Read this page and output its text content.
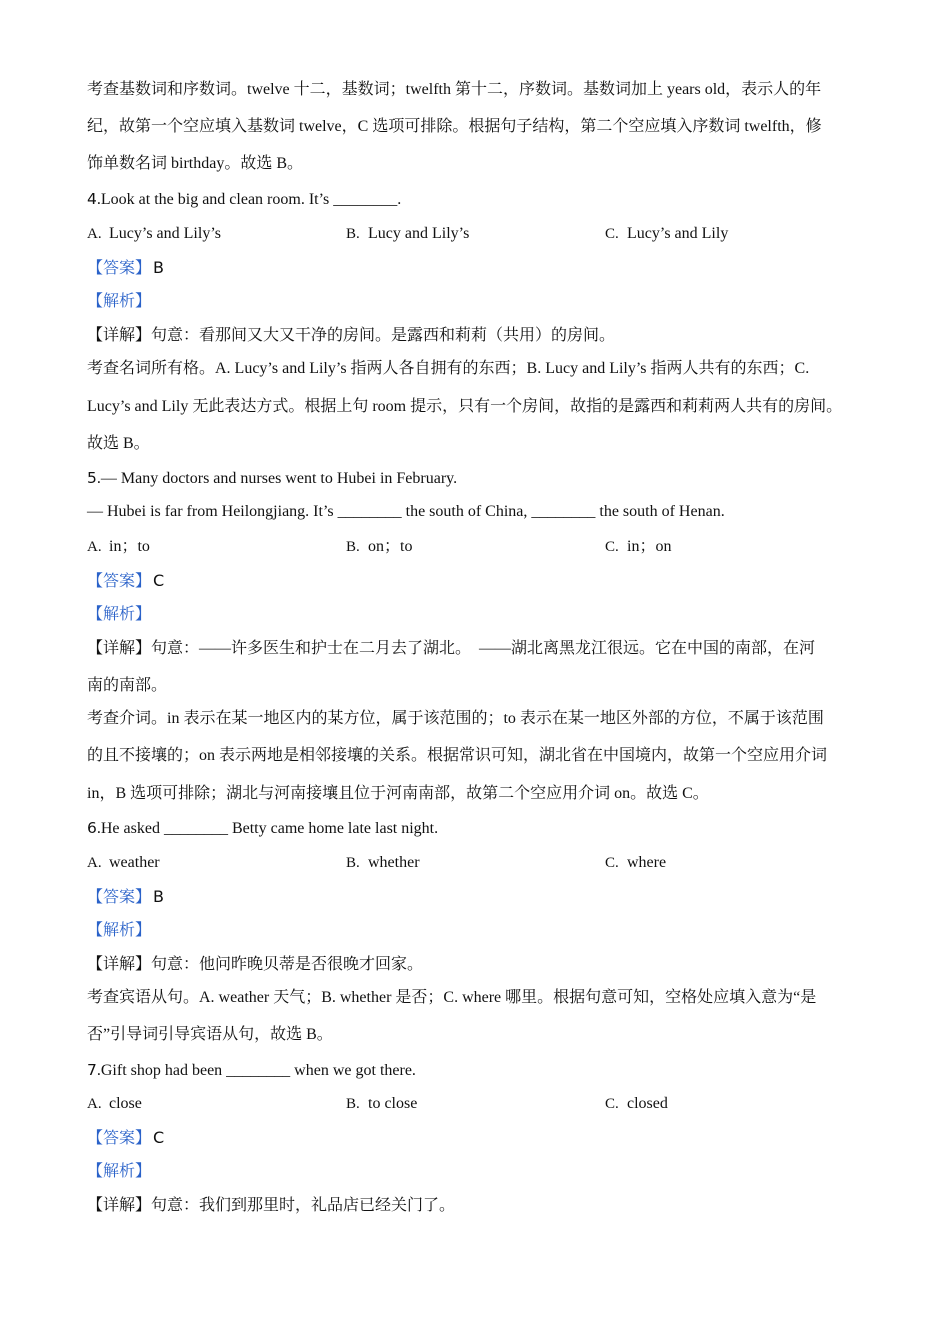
考查基数词和序数词。twelve 十二，基数词；twelfth 第十二，序数词。基数词加上 years old，表示人的年
纪，故第一个空应填入基数词 twelve，C 选项可排除。根据句子结构，第二个空应填入序数词 twelfth，修
饰单数名词 birthday。故选 B。
4.Look at the big and clean room. It’s ________.
A. Lucy’s and Lily’s	B. Lucy and Lily’s	C. Lucy’s and Lily
【答案】 B
【解析】
【详解】句意：看那间又大又干净的房间。是露西和莉莉（共用）的房间。
考查名词所有格。A. Lucy’s and Lily’s 指两人各自拥有的东西；B. Lucy and Lily’s 指两人共有的东西；C.
Lucy’s and Lily 无此表达方式。根据上句 room 提示，只有一个房间，故指的是露西和莉莉两人共有的房间。
故选 B。
5.— Many doctors and nurses went to Hubei in February.
— Hubei is far from Heilongjiang. It’s ________ the south of China, ________ the south of Henan.
A. in；to	B. on；to	C. in；on
【答案】 C
【解析】
【详解】句意：——许多医生和护士在二月去了湖北。　——湖北离黑龙江很远。它在中国的南部，在河
南的南部。
考查介词。in 表示在某一地区内的某方位，属于该范围的；to 表示在某一地区外部的方位，不属于该范围
的且不接壤的；on 表示两地是相邻接壤的关系。根据常识可知，湖北省在中国境内，故第一个空应用介词
in，B 选项可排除；湖北与河南接壤且位于河南南部，故第二个空应用介词 on。故选 C。
6.He asked ________ Betty came home late last night.
A. weather	B. whether	C. where
【答案】 B
【解析】
【详解】句意：他问昨晚贝蒂是否很晚才回家。
考查宾语从句。A. weather 天气；B. whether 是否；C. where 哪里。根据句意可知，空格处应填入意为“是
否”引导词引导宾语从句，故选 B。
7.Gift shop had been ________ when we got there.
A. close	B. to close	C. closed
【答案】 C
【解析】
【详解】句意：我们到那里时，礼品店已经关门了。
